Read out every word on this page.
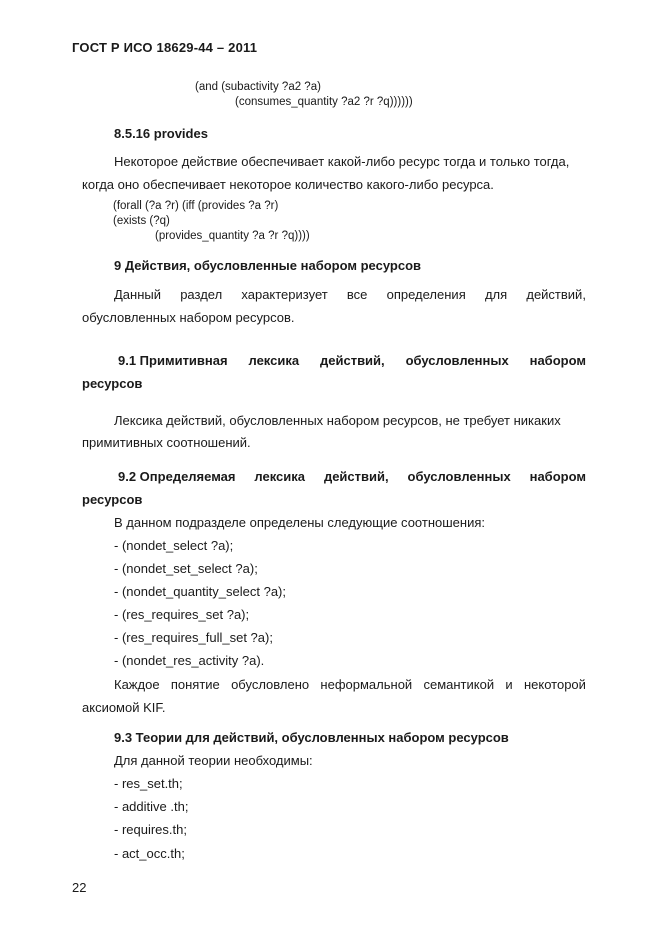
ГОСТ Р ИСО 18629-44 – 2011
(and (subactivity ?a2 ?a)
(consumes_quantity ?a2 ?r ?q))))))
8.5.16 provides
Некоторое действие обеспечивает какой-либо ресурс тогда и только тогда,
когда оно обеспечивает некоторое количество какого-либо ресурса.
(forall (?a ?r) (iff (provides ?a ?r)
(exists (?q)
(provides_quantity ?a ?r ?q))))
9 Действия, обусловленные набором ресурсов
Данный раздел характеризует все определения для действий,
обусловленных набором ресурсов.
9.1 Примитивная лексика действий, обусловленных набором
ресурсов
Лексика действий, обусловленных набором ресурсов, не требует никаких
примитивных соотношений.
9.2 Определяемая лексика действий, обусловленных набором
ресурсов
В данном подразделе определены следующие соотношения:
- (nondet_select ?a);
- (nondet_set_select ?a);
- (nondet_quantity_select ?a);
- (res_requires_set ?a);
- (res_requires_full_set ?a);
- (nondet_res_activity ?a).
Каждое понятие обусловлено неформальной семантикой и некоторой
аксиомой KIF.
9.3 Теории для действий, обусловленных набором ресурсов
Для данной теории необходимы:
- res_set.th;
- additive .th;
- requires.th;
- act_occ.th;
22
